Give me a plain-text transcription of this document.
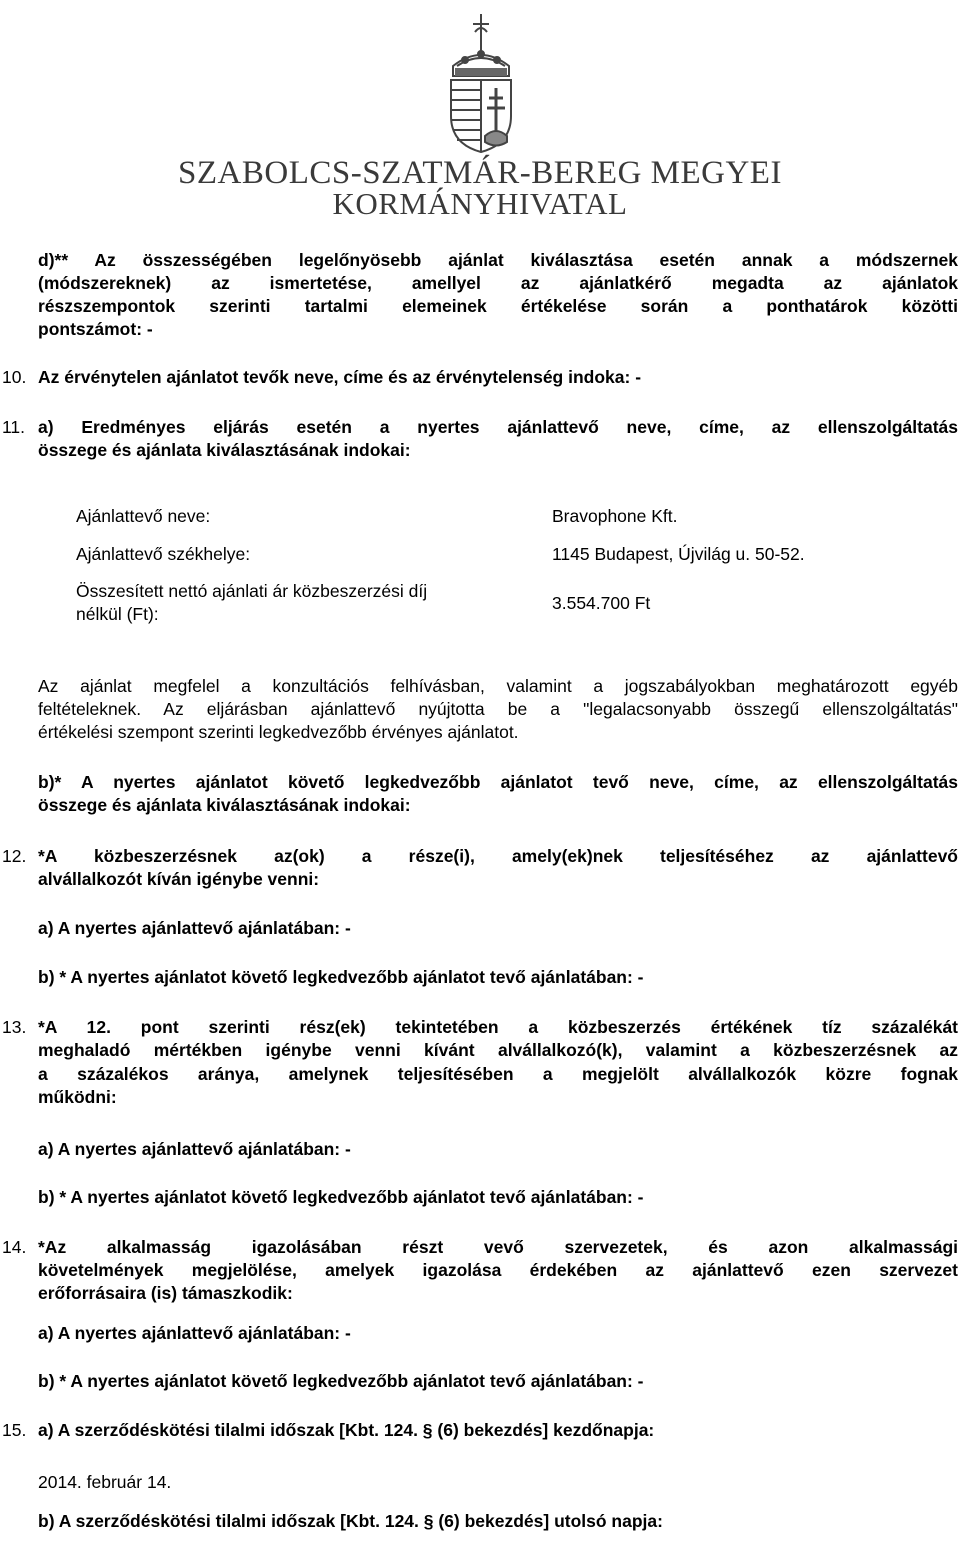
SZABOLCS-SZATMÁR-BEREG MEGYEI
KORMÁNYHIVATAL
d)** Az összességében legelőnyösebb ajánlat kiválasztása esetén annak a módszernek
(módszereknek) az ismertetése, amellyel az ajánlatkérő megadta az ajánlatok
részszempontok szerinti tartalmi elemeinek értékelése során a ponthatárok közötti
pontszámot: -
10. Az érvénytelen ajánlatot tevők neve, címe és az érvénytelenség indoka: -
11. a) Eredményes eljárás esetén a nyertes ajánlattevő neve, címe, az ellenszolgáltatás
összege és ajánlata kiválasztásának indokai:
Ajánlattevő neve:	Bravophone Kft.
Ajánlattevő székhelye:	1145 Budapest, Újvilág u. 50-52.
Összesített nettó ajánlati ár közbeszerzési díj
nélkül (Ft):
3.554.700 Ft
Az ajánlat megfelel a konzultációs felhívásban, valamint a jogszabályokban meghatározott egyéb
feltételeknek. Az eljárásban ajánlattevő nyújtotta be a "legalacsonyabb összegű ellenszolgáltatás"
értékelési szempont szerinti legkedvezőbb érvényes ajánlatot.
b)* A nyertes ajánlatot követő legkedvezőbb ajánlatot tevő neve, címe, az ellenszolgáltatás
összege és ajánlata kiválasztásának indokai:
12. *A közbeszerzésnek az(ok) a része(i), amely(ek)nek teljesítéséhez az ajánlattevő
alvállalkozót kíván igénybe venni:
a) A nyertes ajánlattevő ajánlatában: -
b) * A nyertes ajánlatot követő legkedvezőbb ajánlatot tevő ajánlatában: -
13. *A 12. pont szerinti rész(ek) tekintetében a közbeszerzés értékének tíz százalékát
meghaladó mértékben igénybe venni kívánt alvállalkozó(k), valamint a közbeszerzésnek az
a százalékos aránya, amelynek teljesítésében a megjelölt alvállalkozók közre fognak
működni:
a) A nyertes ajánlattevő ajánlatában: -
b) * A nyertes ajánlatot követő legkedvezőbb ajánlatot tevő ajánlatában: -
14. *Az alkalmasság igazolásában részt vevő szervezetek, és azon alkalmassági
követelmények megjelölése, amelyek igazolása érdekében az ajánlattevő ezen szervezet
erőforrásaira (is) támaszkodik:
a) A nyertes ajánlattevő ajánlatában: -
b) * A nyertes ajánlatot követő legkedvezőbb ajánlatot tevő ajánlatában: -
15. a) A szerződéskötési tilalmi időszak [Kbt. 124. § (6) bekezdés] kezdőnapja:
2014. február 14.
b) A szerződéskötési tilalmi időszak [Kbt. 124. § (6) bekezdés] utolsó napja:
